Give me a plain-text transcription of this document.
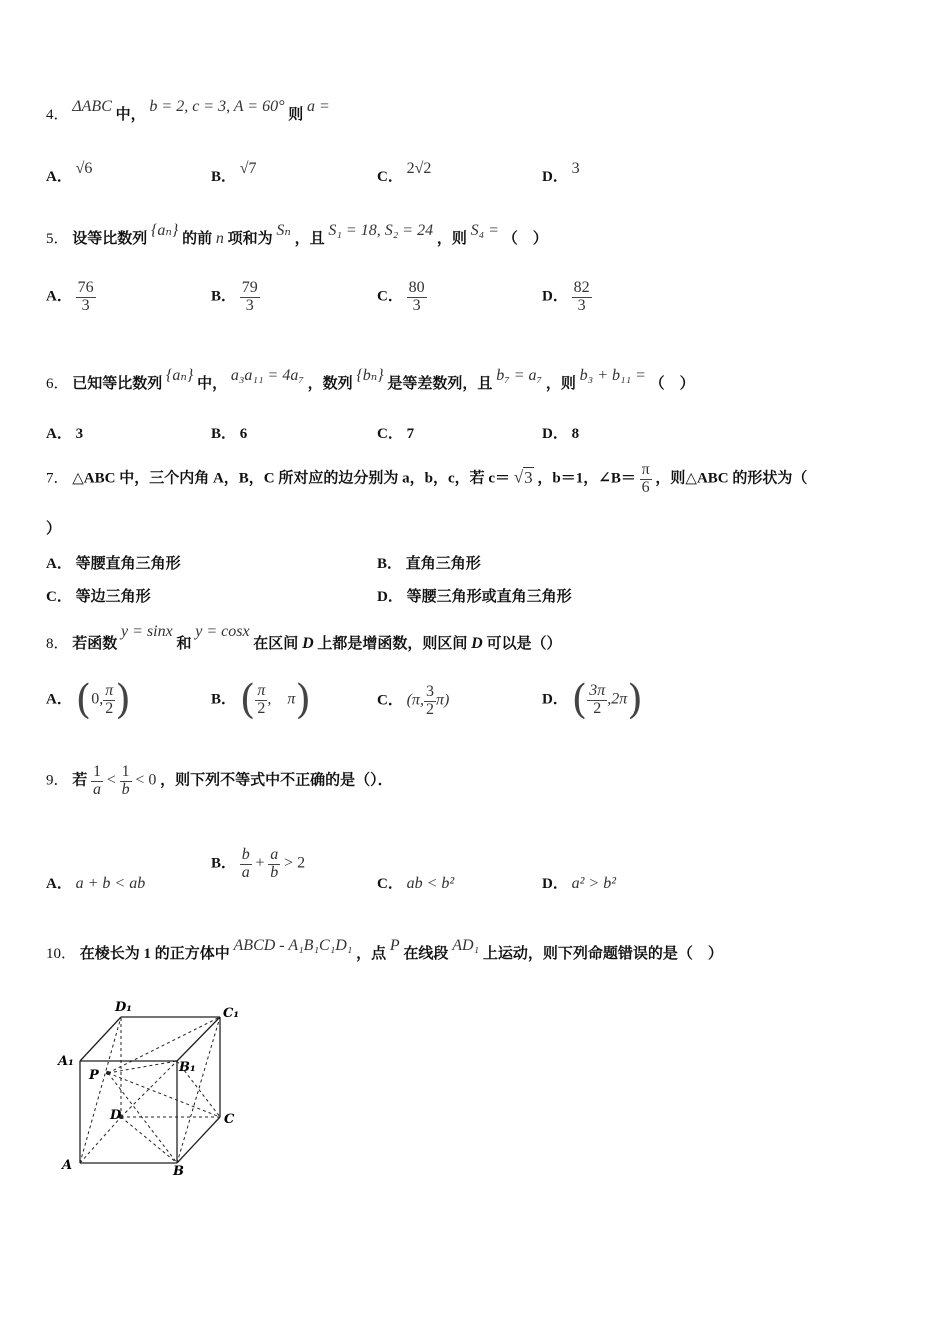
4． ΔABC 中， b = 2, c = 3, A = 60° 则 a =
A． √6	B． √7	C． 2√2	D． 3
5． 设等比数列 {aₙ} 的前 n 项和为 Sₙ ，且 S₁ = 18, S₂ = 24 ，则 S₄ = （　）
A． $\frac{76}{3}$	B． $\frac{79}{3}$	C． $\frac{80}{3}$	D． $\frac{82}{3}$
6． 已知等比数列 {aₙ} 中， a₃a₁₁ = 4a₇ ，数列 {bₙ} 是等差数列，且 b₇ = a₇ ，则 b₃ + b₁₁ = （　）
A． 3	B． 6	C． 7	D． 8
7． △ABC 中，三个内角 A，B，C 所对应的边分别为 a，b，c，若 c＝ √3 ，b＝1，∠B＝ $\frac{\pi}{6}$ ，则△ABC 的形状为（
）
A． 等腰直角三角形	B． 直角三角形
C． 等边三角形	D． 等腰三角形或直角三角形
8． 若函数 y = sinx 和 y = cosx 在区间 D 上都是增函数，则区间 D 可以是（）
A． (0, $\frac{\pi}{2}$ )	B． ( $\frac{\pi}{2}$ ,　π)	C． (π, $\frac{3}{2} \pi$)	D． ( $\frac{3\pi}{2} ,2\pi$)
9． 若 $\frac{1}{a} < \frac{1}{b} < 0$ ，则下列不等式中不正确的是（）．
A． a + b < ab
B． $\frac{b}{a} + \frac{a}{b} > 2$
C． ab < b²	D． a² > b²
10． 在棱长为 1 的正方体中 ABCD - A₁B₁C₁D₁ ，点 P 在线段 AD₁ 上运动，则下列命题错误的是（　）
D₁	C₁
A₁	B₁
P
D	C
A	B
